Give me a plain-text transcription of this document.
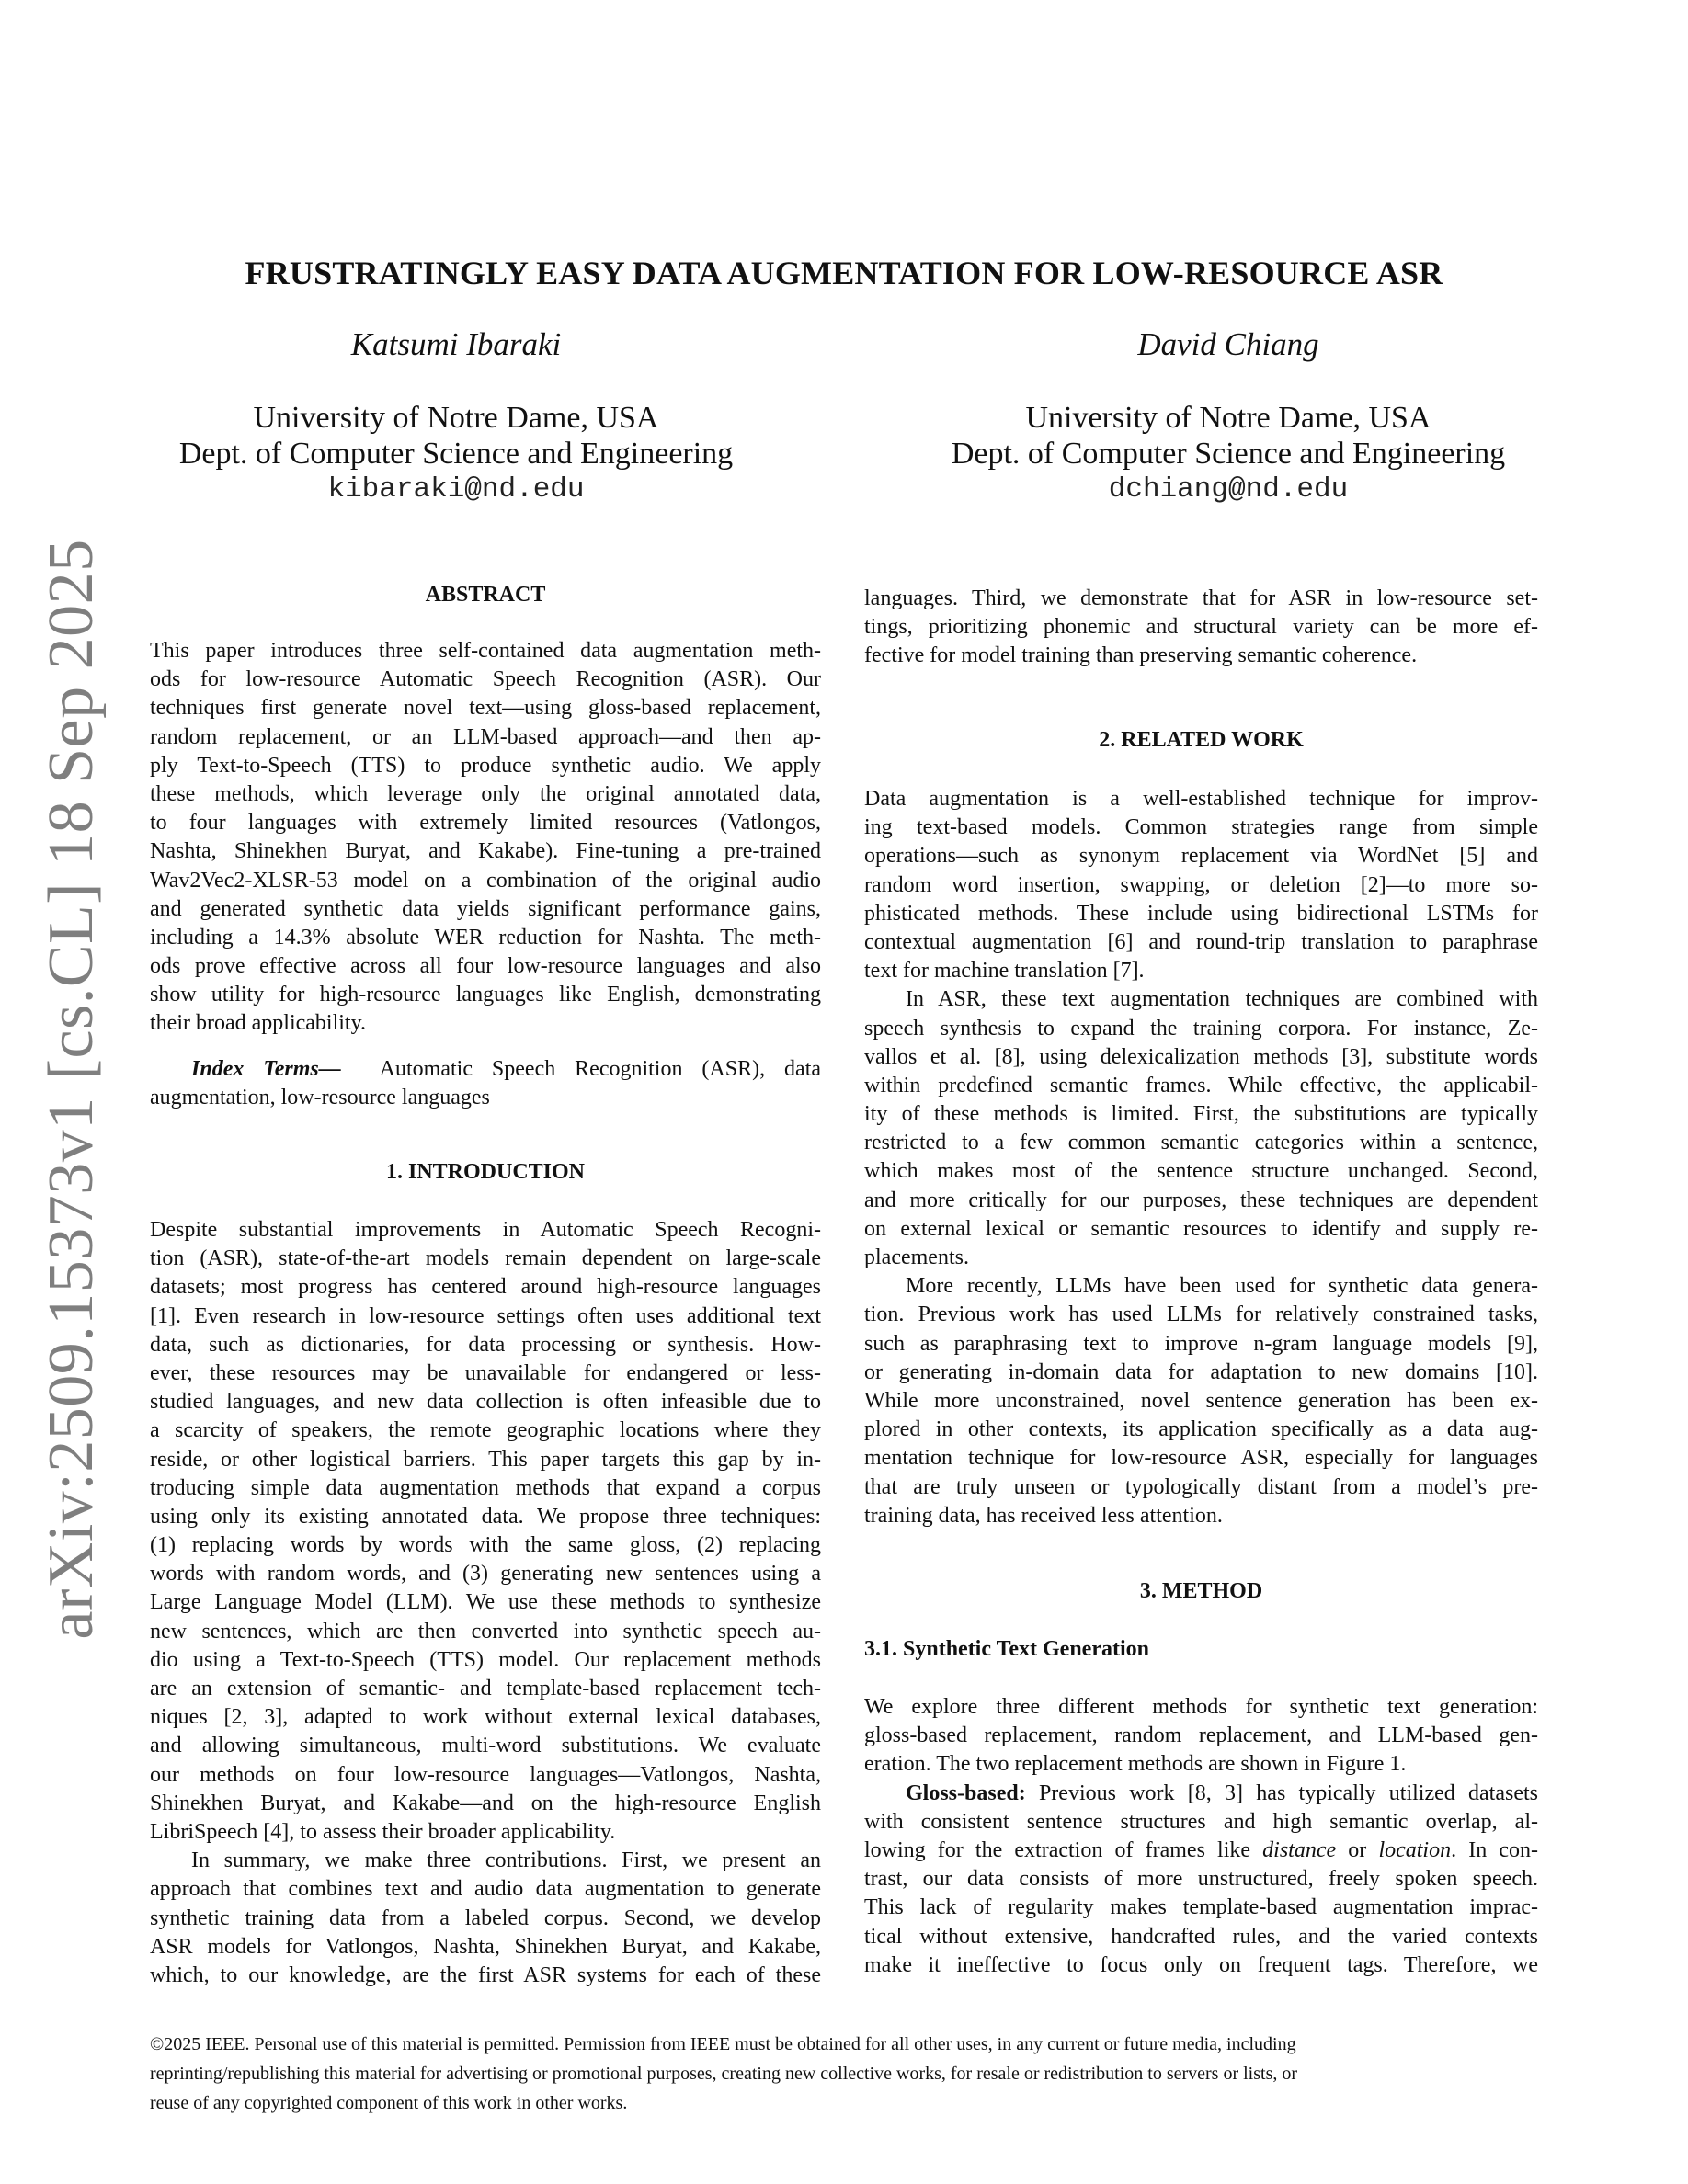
arXiv:2509.15373v1 [cs.CL] 18 Sep 2025
FRUSTRATINGLY EASY DATA AUGMENTATION FOR LOW-RESOURCE ASR
Katsumi Ibaraki
University of Notre Dame, USA
Dept. of Computer Science and Engineering
kibaraki@nd.edu
David Chiang
University of Notre Dame, USA
Dept. of Computer Science and Engineering
dchiang@nd.edu
ABSTRACT
This paper introduces three self-contained data augmentation meth-
ods for low-resource Automatic Speech Recognition (ASR). Our
techniques first generate novel text—using gloss-based replacement,
random replacement, or an LLM-based approach—and then ap-
ply Text-to-Speech (TTS) to produce synthetic audio. We apply
these methods, which leverage only the original annotated data,
to four languages with extremely limited resources (Vatlongos,
Nashta, Shinekhen Buryat, and Kakabe). Fine-tuning a pre-trained
Wav2Vec2-XLSR-53 model on a combination of the original audio
and generated synthetic data yields significant performance gains,
including a 14.3% absolute WER reduction for Nashta. The meth-
ods prove effective across all four low-resource languages and also
show utility for high-resource languages like English, demonstrating
their broad applicability.
Index Terms— Automatic Speech Recognition (ASR), data
augmentation, low-resource languages
1. INTRODUCTION
Despite substantial improvements in Automatic Speech Recogni-
tion (ASR), state-of-the-art models remain dependent on large-scale
datasets; most progress has centered around high-resource languages
[1]. Even research in low-resource settings often uses additional text
data, such as dictionaries, for data processing or synthesis. How-
ever, these resources may be unavailable for endangered or less-
studied languages, and new data collection is often infeasible due to
a scarcity of speakers, the remote geographic locations where they
reside, or other logistical barriers. This paper targets this gap by in-
troducing simple data augmentation methods that expand a corpus
using only its existing annotated data. We propose three techniques:
(1) replacing words by words with the same gloss, (2) replacing
words with random words, and (3) generating new sentences using a
Large Language Model (LLM). We use these methods to synthesize
new sentences, which are then converted into synthetic speech au-
dio using a Text-to-Speech (TTS) model. Our replacement methods
are an extension of semantic- and template-based replacement tech-
niques [2, 3], adapted to work without external lexical databases,
and allowing simultaneous, multi-word substitutions. We evaluate
our methods on four low-resource languages—Vatlongos, Nashta,
Shinekhen Buryat, and Kakabe—and on the high-resource English
LibriSpeech [4], to assess their broader applicability.
In summary, we make three contributions. First, we present an
approach that combines text and audio data augmentation to generate
synthetic training data from a labeled corpus. Second, we develop
ASR models for Vatlongos, Nashta, Shinekhen Buryat, and Kakabe,
which, to our knowledge, are the first ASR systems for each of these
languages. Third, we demonstrate that for ASR in low-resource set-
tings, prioritizing phonemic and structural variety can be more ef-
fective for model training than preserving semantic coherence.
2. RELATED WORK
Data augmentation is a well-established technique for improv-
ing text-based models. Common strategies range from simple
operations—such as synonym replacement via WordNet [5] and
random word insertion, swapping, or deletion [2]—to more so-
phisticated methods. These include using bidirectional LSTMs for
contextual augmentation [6] and round-trip translation to paraphrase
text for machine translation [7].
In ASR, these text augmentation techniques are combined with
speech synthesis to expand the training corpora. For instance, Ze-
vallos et al. [8], using delexicalization methods [3], substitute words
within predefined semantic frames. While effective, the applicabil-
ity of these methods is limited. First, the substitutions are typically
restricted to a few common semantic categories within a sentence,
which makes most of the sentence structure unchanged. Second,
and more critically for our purposes, these techniques are dependent
on external lexical or semantic resources to identify and supply re-
placements.
More recently, LLMs have been used for synthetic data genera-
tion. Previous work has used LLMs for relatively constrained tasks,
such as paraphrasing text to improve n-gram language models [9],
or generating in-domain data for adaptation to new domains [10].
While more unconstrained, novel sentence generation has been ex-
plored in other contexts, its application specifically as a data aug-
mentation technique for low-resource ASR, especially for languages
that are truly unseen or typologically distant from a model’s pre-
training data, has received less attention.
3. METHOD
3.1. Synthetic Text Generation
We explore three different methods for synthetic text generation:
gloss-based replacement, random replacement, and LLM-based gen-
eration. The two replacement methods are shown in Figure 1.
Gloss-based: Previous work [8, 3] has typically utilized datasets
with consistent sentence structures and high semantic overlap, al-
lowing for the extraction of frames like distance or location. In con-
trast, our data consists of more unstructured, freely spoken speech.
This lack of regularity makes template-based augmentation imprac-
tical without extensive, handcrafted rules, and the varied contexts
make it ineffective to focus only on frequent tags. Therefore, we
©2025 IEEE. Personal use of this material is permitted. Permission from IEEE must be obtained for all other uses, in any current or future media, including
reprinting/republishing this material for advertising or promotional purposes, creating new collective works, for resale or redistribution to servers or lists, or
reuse of any copyrighted component of this work in other works.
